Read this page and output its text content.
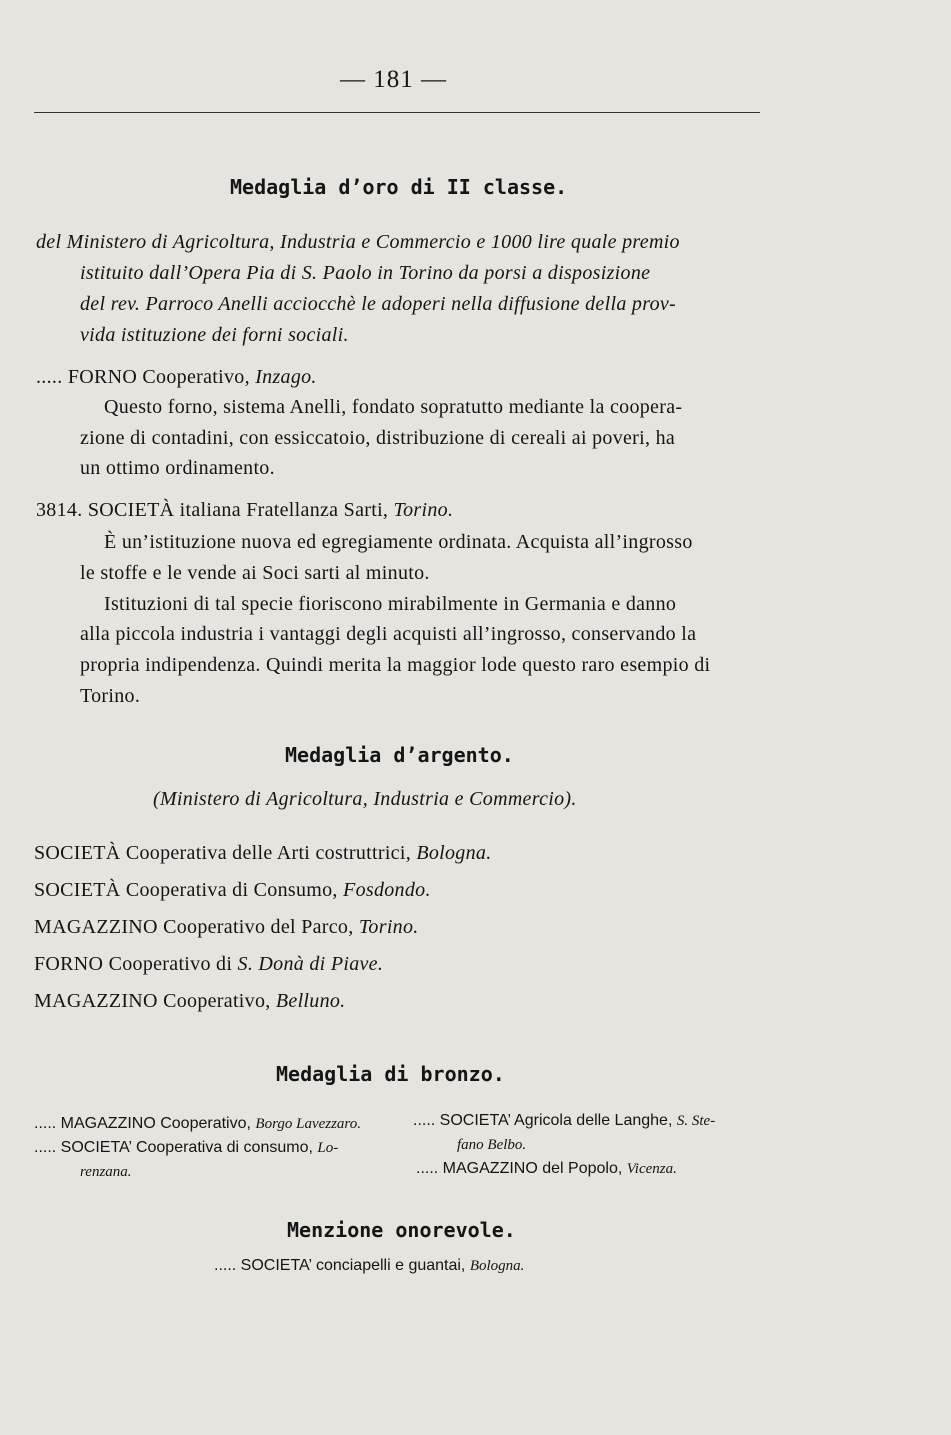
— 181 —
Medaglia d’oro di II classe.
del Ministero di Agricoltura, Industria e Commercio e 1000 lire quale premio
istituito dall’Opera Pia di S. Paolo in Torino da porsi a disposizione
del rev. Parroco Anelli acciocchè le adoperi nella diffusione della prov-
vida istituzione dei forni sociali.
..... FORNO Cooperativo, Inzago.
Questo forno, sistema Anelli, fondato sopratutto mediante la coopera-
zione di contadini, con essiccatoio, distribuzione di cereali ai poveri, ha
un ottimo ordinamento.
3814. SOCIETÀ italiana Fratellanza Sarti, Torino.
È un’istituzione nuova ed egregiamente ordinata. Acquista all’ingrosso
le stoffe e le vende ai Soci sarti al minuto.
Istituzioni di tal specie fioriscono mirabilmente in Germania e danno
alla piccola industria i vantaggi degli acquisti all’ingrosso, conservando la
propria indipendenza. Quindi merita la maggior lode questo raro esempio di
Torino.
Medaglia d’argento.
(Ministero di Agricoltura, Industria e Commercio).
SOCIETÀ Cooperativa delle Arti costruttrici, Bologna.
SOCIETÀ Cooperativa di Consumo, Fosdondo.
MAGAZZINO Cooperativo del Parco, Torino.
FORNO Cooperativo di S. Donà di Piave.
MAGAZZINO Cooperativo, Belluno.
Medaglia di bronzo.
..... MAGAZZINO Cooperativo, Borgo Lavezzaro.
..... SOCIETA’ Cooperativa di consumo, Lo-
renzana.
..... SOCIETA’ Agricola delle Langhe, S. Ste-
fano Belbo.
..... MAGAZZINO del Popolo, Vicenza.
Menzione onorevole.
..... SOCIETA’ conciapelli e guantai, Bologna.
